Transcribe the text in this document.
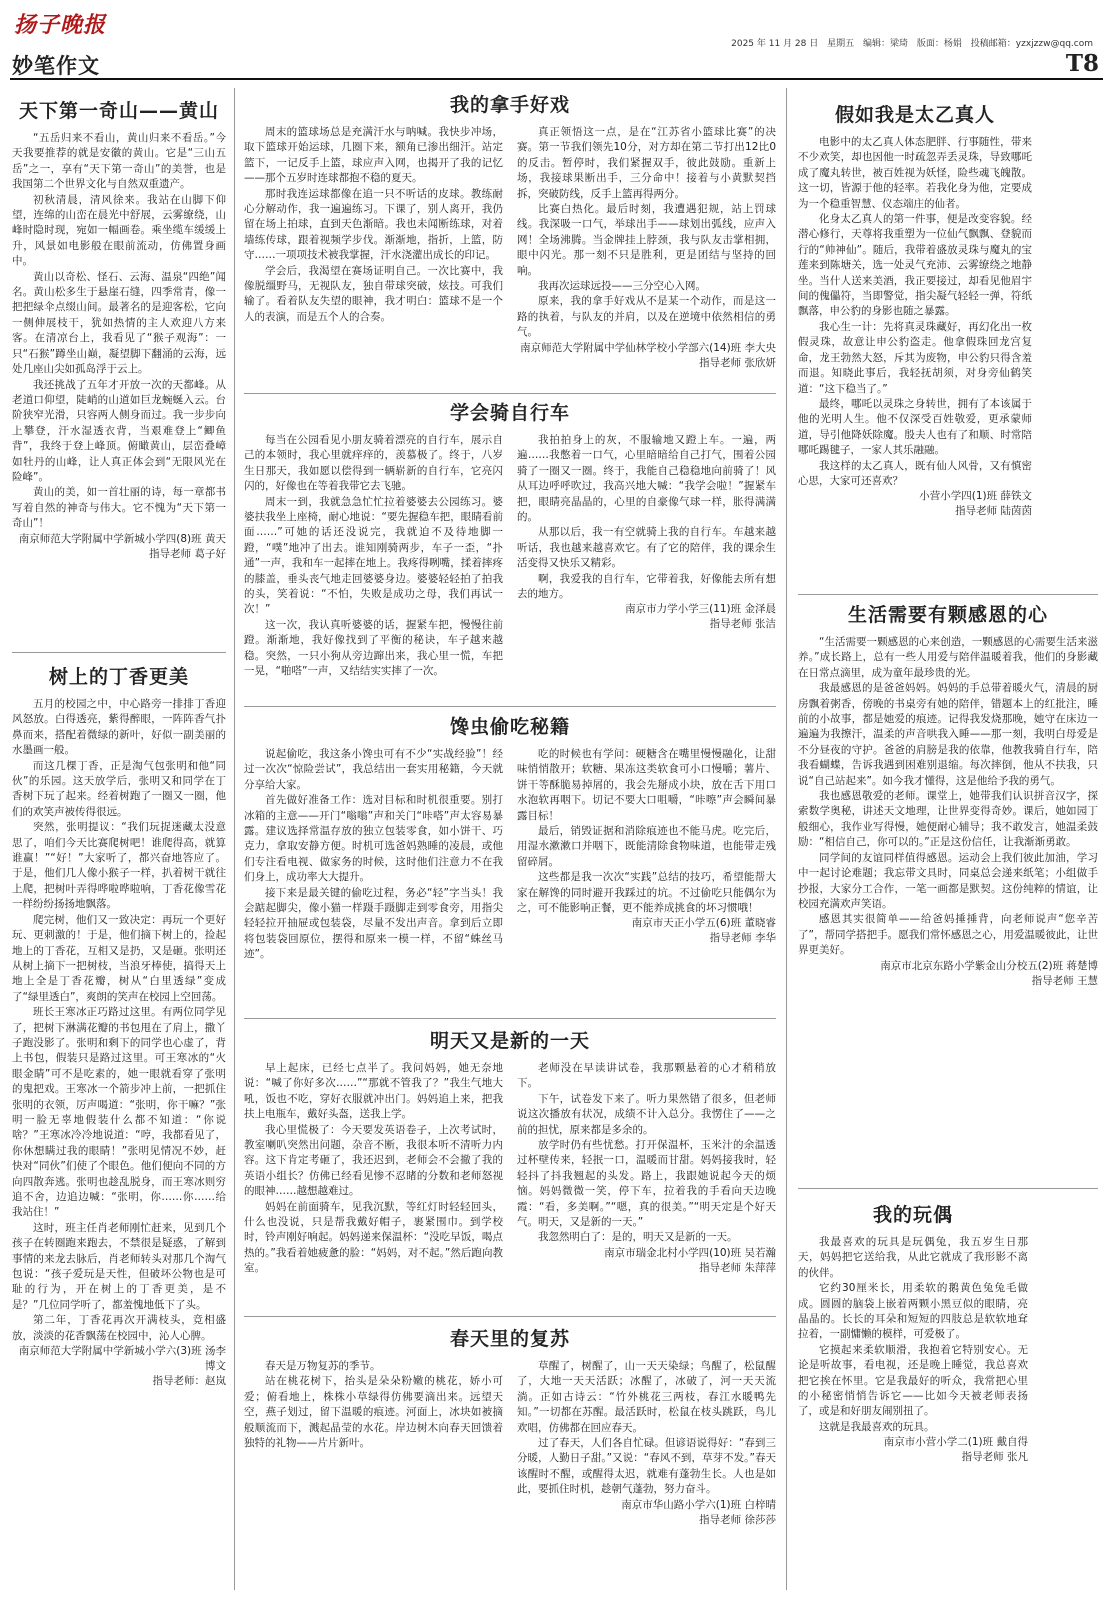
扬子晚报
2025 年 11 月 28 日 星期五 编辑：梁琦 版面：杨娟 投稿邮箱：yzxjzzw@qq.com
妙笔作文	T8
天下第一奇山——黄山

“五岳归来不看山，黄山归来不看岳。”今天我要推荐的就是安徽的黄山。它是“三山五岳”之一，享有“天下第一奇山”的美誉，也是我国第二个世界文化与自然双重遗产。

初秋清晨，清风徐来。我站在山脚下仰望，连绵的山峦在晨光中舒展，云雾缭绕，山峰时隐时现，宛如一幅画卷。乘坐缆车缓缓上升，风景如电影般在眼前流动，仿佛置身画中。

黄山以奇松、怪石、云海、温泉“四绝”闻名。黄山松多生于悬崖石缝，四季常青，像一把把绿伞点缀山间。最著名的是迎客松，它向一侧伸展枝干，犹如热情的主人欢迎八方来客。在清凉台上，我看见了“猴子观海”：一只“石猴”蹲坐山巅，凝望脚下翻涌的云海，远处几座山尖如孤岛浮于云上。

我还挑战了五年才开放一次的天都峰。从老道口仰望，陡峭的山道如巨龙蜿蜒入云。台阶狭窄光滑，只容两人侧身而过。我一步步向上攀登，汗水湿透衣背，当艰难登上“鲫鱼背”，我终于登上峰顶。俯瞰黄山，层峦叠嶂如牡丹的山峰，让人真正体会到“无限风光在险峰”。

黄山的美，如一首壮丽的诗，每一章都书写着自然的神奇与伟大。它不愧为“天下第一奇山”！

南京师范大学附属中学新城小学四(8)班 黄天

指导老师 葛子好

树上的丁香更美

五月的校园之中，中心路旁一排排丁香迎风怒放。白得透亮，紫得醉眼，一阵阵香气扑鼻而来，搭配着微绿的新叶，好似一副美丽的水墨画一般。

而这几棵丁香，正是淘气包张明和他“同伙”的乐园。这天放学后，张明又和同学在丁香树下玩了起来。经着树跑了一圈又一圈，他们的欢笑声被传得很远。

突然，张明提议：“我们玩捉迷藏太没意思了，咱们今天比赛爬树吧！谁爬得高，就算谁赢！”“好！”大家听了，都兴奋地答应了。于是，他们几人像小猴子一样，扒着树干就往上爬，把树叶弄得哗啦哗啦响，丁香花像雪花一样纷纷扬扬地飘落。

爬完树，他们又一致决定：再玩一个更好玩、更刺激的！于是，他们摘下树上的，捡起地上的丁香花，互相又是扔，又是砸。张明还从树上摘下一把树枝，当浪牙棒使，搞得天上地上全是丁香花瓣，树从“白里透绿”变成了“绿里透白”，爽朗的笑声在校园上空回荡。

班长王寒冰正巧路过这里。有两位同学见了，把树下淋满花瓣的书包甩在了肩上，撒丫子跑没影了。张明和剩下的同学也心虚了，背上书包，假装只是路过这里。可王寒冰的“火眼金睛”可不是吃素的，她一眼就看穿了张明的鬼把戏。王寒冰一个箭步冲上前，一把抓住张明的衣领，厉声喝道：“张明，你干嘛？”张明一脸无辜地假装什么都不知道：“你说啥？”王寒冰冷冷地说道：“哼，我都看见了，你休想瞒过我的眼睛！”张明见情况不妙，赶快对“同伙”们使了个眼色。他们便向不同的方向四散奔逃。张明也趁乱脱身，而王寒冰则穷追不舍，边追边喊：“张明，你……你……给我站住！”

这时，班主任肖老师刚忙赶来，见到几个孩子在转圈跑来跑去，不禁很是疑惑，了解到事情的来龙去脉后，肖老师转头对那几个淘气包说：“孩子爱玩是天性，但破坏公物也是可耻的行为，开在树上的丁香更美，是不是？”几位同学听了，都羞愧地低下了头。

第二年，丁香花再次开满枝头，竞相盛放，淡淡的花香飘荡在校园中，沁人心脾。

南京师范大学附属中学新城小学六(3)班 汤李博文

指导老师：赵岚

我的拿手好戏

周末的篮球场总是充满汗水与呐喊。我快步冲场，取下篮球开始运球，几圈下来，额角已渗出细汗。站定篮下，一记反手上篮，球应声入网，也揭开了我的记忆——那个五岁时连球都抱不稳的夏天。

那时我连运球都像在追一只不听话的皮球。教练耐心分解动作，我一遍遍练习。下课了，别人离开，我仍留在场上拍球，直到天色渐暗。我也未闻断练球，对着墙练传球，跟着视频学步伐。渐渐地，指折，上篮，防守……一项项技术被我掌握，汗水浇灌出成长的印记。

学会后，我渴望在赛场证明自己。一次比赛中，我像脱缰野马，无视队友，独自带球突破，炫技。可我们输了。看着队友失望的眼神，我才明白：篮球不是一个人的表演，而是五个人的合奏。

真正领悟这一点，是在“江苏省小篮球比赛”的决赛。第一节我们领先10分，对方却在第二节打出12比0的反击。暂停时，我们紧握双手，彼此鼓励。重新上场，我接球果断出手，三分命中！接着与小黄默契挡拆，突破防线，反手上篮再得两分。

比赛白热化。最后时刻，我遭遇犯规，站上罚球线。我深吸一口气，举球出手——球划出弧线，应声入网！全场沸腾。当金牌挂上脖颈，我与队友击掌相拥，眼中闪光。那一刻不只是胜利，更是团结与坚持的回响。

我再次运球远投——三分空心入网。

原来，我的拿手好戏从不是某一个动作，而是这一路的执着，与队友的并肩，以及在逆境中依然相信的勇气。

南京师范大学附属中学仙林学校小学部六(14)班 李大央

指导老师 张欣妍

学会骑自行车

每当在公园看见小朋友骑着漂亮的自行车，展示自己的本领时，我心里就痒痒的，羡慕极了。终于，八岁生日那天，我如愿以偿得到一辆崭新的自行车，它亮闪闪的，好像也在等着我带它去飞驰。

周末一到，我就急急忙忙拉着婆婆去公园练习。婆婆扶我坐上座椅，耐心地说：“要先握稳车把，眼睛看前面……”可她的话还没说完，我就迫不及待地脚一蹬，“噗”地冲了出去。谁知刚骑两步，车子一歪，“扑通”一声，我和车一起摔在地上。我疼得咧嘴，揉着摔疼的膝盖，垂头丧气地走回婆婆身边。婆婆轻轻拍了拍我的头，笑着说：“不怕，失败是成功之母，我们再试一次！”

这一次，我认真听婆婆的话，握紧车把，慢慢往前蹬。渐渐地，我好像找到了平衡的秘诀，车子越来越稳。突然，一只小狗从旁边蹿出来，我心里一慌，车把一晃，“啪嗒”一声，又结结实实摔了一次。

我拍拍身上的灰，不服输地又蹬上车。一遍，两遍……我憋着一口气，心里暗暗给自己打气，围着公园骑了一圈又一圈。终于，我能自己稳稳地向前骑了！风从耳边呼呼吹过，我高兴地大喊：“我学会啦！”握紧车把，眼睛亮晶晶的，心里的自豪像气球一样，胀得满满的。

从那以后，我一有空就骑上我的自行车。车越来越听话，我也越来越喜欢它。有了它的陪伴，我的课余生活变得又快乐又精彩。

啊，我爱我的自行车，它带着我，好像能去所有想去的地方。

南京市力学小学三(11)班 金泽晨

指导老师 张洁

馋虫偷吃秘籍

说起偷吃，我这条小馋虫可有不少“实战经验”！经过一次次“惊险尝试”，我总结出一套实用秘籍，今天就分享给大家。

首先做好准备工作：选对目标和时机很重要。别打冰箱的主意——开门“嗡嗡”声和关门“咔嗒”声太容易暴露。建议选择常温存放的独立包装零食，如小饼干、巧克力，拿取安静方便。时机可选爸妈熟睡的凌晨，或他们专注看电视、做家务的时候，这时他们注意力不在我们身上，成功率大大提升。

接下来是最关键的偷吃过程，务必“轻”字当头！我会踮起脚尖，像小猫一样蹑手蹑脚走到零食旁，用指尖轻轻拉开抽屉或包装袋，尽量不发出声音。拿到后立即将包装袋回原位，摆得和原来一模一样，不留“蛛丝马迹”。

吃的时候也有学问：硬糖含在嘴里慢慢融化，让甜味悄悄散开；软糖、果冻这类软食可小口慢嚼；薯片、饼干等酥脆易掉屑的，我会先掰成小块，放在舌下用口水泡软再咽下。切记不要大口咀嚼，“咔嚓”声会瞬间暴露目标！

最后，销毁证据和消除痕迹也不能马虎。吃完后，用湿水漱漱口并咽下，既能清除食物味道，也能带走残留碎屑。

这些都是我一次次“实践”总结的技巧，希望能帮大家在解馋的同时避开我踩过的坑。不过偷吃只能偶尔为之，可不能影响正餐，更不能养成挑食的坏习惯哦！

南京市天正小学五(6)班 董晓睿

指导老师 李华

明天又是新的一天

早上起床，已经七点半了。我问妈妈，她无奈地说：“喊了你好多次……”“那就不管我了？”我生气地大吼，饭也不吃，穿好衣服就冲出门。妈妈追上来，把我扶上电瓶车，戴好头盔，送我上学。

我心里慌极了：今天要发英语卷子，上次考试时，教室喇叭突然出问题，杂音不断，我很本听不清听力内容。这下肯定考砸了，我还迟到，老师会不会撤了我的英语小组长？仿佛已经看见惨不忍睹的分数和老师怒视的眼神……越想越难过。

妈妈在前面骑车，见我沉默，等红灯时轻轻回头，什么也没说，只是帮我戴好帽子，裹紧围巾。到学校时，铃声刚好响起。妈妈递来保温杯：“没吃早饭，喝点热的。”我看着她疲惫的脸：“妈妈，对不起。”然后跑向教室。

老师没在早读讲试卷，我那颗悬着的心才稍稍放下。

下午，试卷发下来了。听力果然错了很多，但老师说这次播放有状况，成绩不计入总分。我愣住了——之前的担忧，原来都是多余的。

放学时仍有些忧愁。打开保温杯，玉米汁的余温透过杯壁传来，轻抿一口，温暖而甘甜。妈妈接我时，轻轻抖了抖我翘起的头发。路上，我跟她说起今天的烦恼。妈妈微微一笑，停下车，拉着我的手看向天边晚霞：“看，多美啊。”“嗯，真的很美。”“明天定是个好天气。明天，又是新的一天。”

我忽然明白了：是的，明天又是新的一天。

南京市瑞金北村小学四(10)班 吴若瀚

指导老师 朱萍萍

春天里的复苏

春天是万物复苏的季节。

站在桃花树下，抬头是朵朵粉嫩的桃花，娇小可爱；俯看地上，株株小草绿得仿佛要滴出来。远望天空，燕子划过，留下温暖的痕迹。河面上，冰块如被摘般顺流而下，溅起晶莹的水花。岸边树木向春天回馈着独特的礼物——片片新叶。

草醒了，树醒了，山一天天染绿；鸟醒了，松鼠醒了，大地一天天活跃；冰醒了，冰破了，河一天天流淌。正如古诗云：“竹外桃花三两枝，春江水暖鸭先知。”一切都在苏醒。最活跃时，松鼠在枝头跳跃，鸟儿欢唱，仿佛都在回应春天。

过了春天，人们各自忙碌。但谚语说得好：“春到三分暖，人勤日子甜。”又说：“春风不到，草芽不发。”春天该醒时不醒，或醒得太迟，就难有蓬勃生长。人也是如此，要抓住时机，趁朝气蓬勃，努力奋斗。

南京市华山路小学六(1)班 白梓晴

指导老师 徐莎莎

假如我是太乙真人

电影中的太乙真人体态肥胖、行事随性，带来不少欢笑，却也因他一时疏忽弄丢灵珠，导致哪吒成了魔丸转世，被百姓视为妖怪，险些魂飞魄散。这一切，皆源于他的轻率。若我化身为他，定要成为一个稳重智慧、仪态端庄的仙者。

化身太乙真人的第一件事，便是改变容貌。经潜心修行，天尊将我重塑为一位仙气飘飘、登貌而行的“帅神仙”。随后，我带着盛放灵珠与魔丸的宝莲来到陈塘关，选一处灵气充沛、云雾缭绕之地静坐。当什人送来美酒，我正要接过，却看见他眉宇间的傀儡符，当即警觉，指尖凝气轻轻一弹，符纸飘落，申公豹的身影也随之暴露。

我心生一计：先将真灵珠藏好，再幻化出一枚假灵珠，故意让申公豹盗走。他拿假珠回龙宫复命，龙王勃然大怒，斥其为废物，申公豹只得含羞而退。知晓此事后，我轻抚胡须，对身旁仙鹤笑道：“这下稳当了。”

最终，哪吒以灵珠之身转世，拥有了本该属于他的光明人生。他不仅深受百姓敬爱，更承蒙师道，导引他降妖除魔。殷夫人也有了和顺、时常陪哪吒踢毽子，一家人其乐融融。

我这样的太乙真人，既有仙人风骨，又有慎密心思，大家可还喜欢？

小营小学四(1)班 薛铁文

指导老师 陆茵茵

生活需要有颗感恩的心

“生活需要一颗感恩的心来创造，一颗感恩的心需要生活来滋养。”成长路上，总有一些人用爱与陪伴温暖着我，他们的身影藏在日常点滴里，成为童年最珍贵的光。

我最感恩的是爸爸妈妈。妈妈的手总带着暖火气，清晨的厨房飘着粥香，傍晚的书桌旁有她的陪伴，错题本上的红批注，睡前的小故事，都是她爱的痕迹。记得我发烧那晚，她守在床边一遍遍为我擦汗，温柔的声音哄我入睡——那一刻，我明白母爱是不分昼夜的守护。爸爸的肩膀是我的依靠，他教我骑自行车，陪我看蝴蝶，告诉我遇到困难别退缩。每次摔倒，他从不扶我，只说“自己站起来”。如今我才懂得，这是他给予我的勇气。

我也感恩敬爱的老师。课堂上，她带我们认识拼音汉字，探索数学奥秘，讲述天文地理，让世界变得奇妙。课后，她如园丁般细心，我作业写得慢，她便耐心辅导；我不敢发言，她温柔鼓励：“相信自己，你可以的。”正是这份信任，让我渐渐勇敢。

同学间的友谊同样值得感恩。运动会上我们彼此加油，学习中一起讨论难题；我忘带文具时，同桌总会递来纸笔；小组做手抄报，大家分工合作，一笔一画都是默契。这份纯粹的情谊，让校园充满欢声笑语。

感恩其实很简单——给爸妈捶捶背，向老师说声“您辛苦了”，帮同学搭把手。愿我们常怀感恩之心，用爱温暖彼此，让世界更美好。

南京市北京东路小学紫金山分校五(2)班 蒋楚博

指导老师 王慧

我的玩偶

我最喜欢的玩具是玩偶兔，我五岁生日那天，妈妈把它送给我，从此它就成了我形影不离的伙伴。

它约30厘米长，用柔软的鹅黄色兔兔毛做成。圆圆的脑袋上嵌着两颗小黑豆似的眼睛，亮晶晶的。长长的耳朵和短短的四肢总是软软地耷拉着，一副慵懒的模样，可爱极了。

它摸起来柔软顺滑，我抱着它特别安心。无论是听故事，看电视，还是晚上睡觉，我总喜欢把它挨在怀里。它是我最好的听众，我常把心里的小秘密悄悄告诉它——比如今天被老师表扬了，或是和好朋友闹别扭了。

这就是我最喜欢的玩具。

南京市小营小学二(1)班 戴自得

指导老师 张凡
